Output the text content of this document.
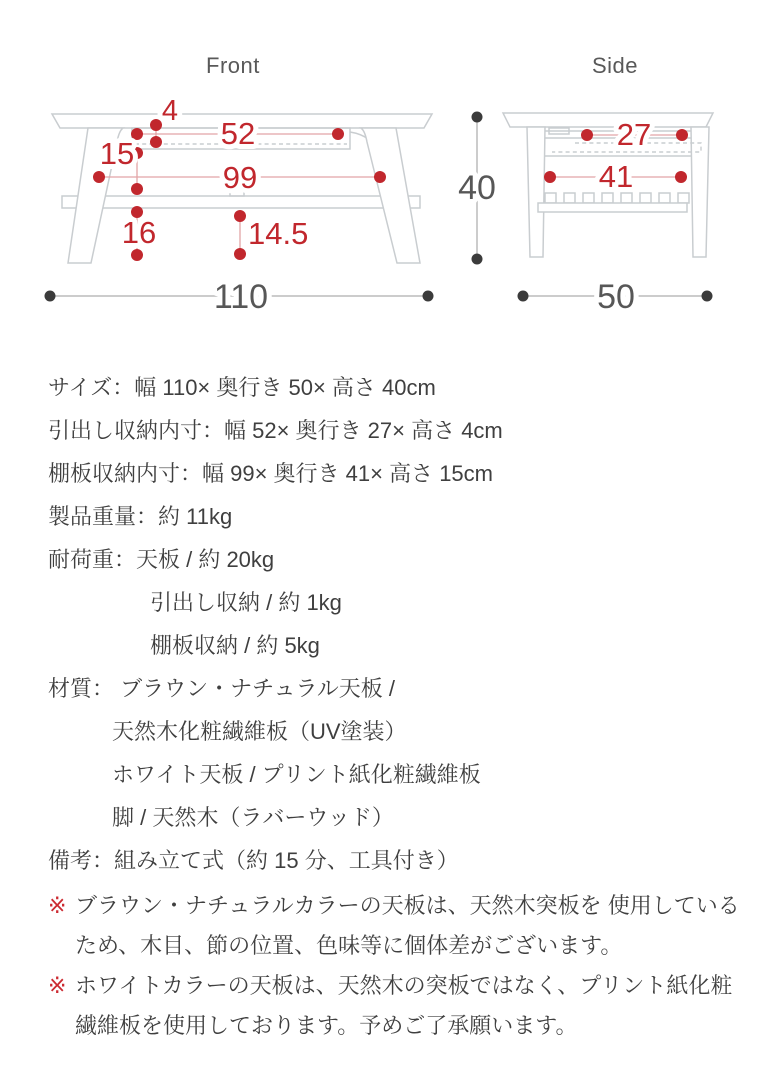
Front	Side
4
52
15
99
16	14.5
110
27
41
40
50

サイズ：幅 110× 奥行き 50× 高さ 40cm

引出し収納内寸：幅 52× 奥行き 27× 高さ 4cm

棚板収納内寸：幅 99× 奥行き 41× 高さ 15cm

製品重量：約 11kg

耐荷重：天板 / 約 20kg

引出し収納 / 約 1kg

棚板収納 / 約 5kg

材質： ブラウン・ナチュラル天板 /

天然木化粧繊維板（UV塗装）

ホワイト天板 / プリント紙化粧繊維板

脚 / 天然木（ラバーウッド）

備考：組み立て式（約 15 分、工具付き）

※ ブラウン・ナチュラルカラーの天板は、天然木突板を 使用しているため、木目、節の位置、色味等に個体差がございます。

※ ホワイトカラーの天板は、天然木の突板ではなく、プリント紙化粧繊維板を使用しております。予めご了承願います。
